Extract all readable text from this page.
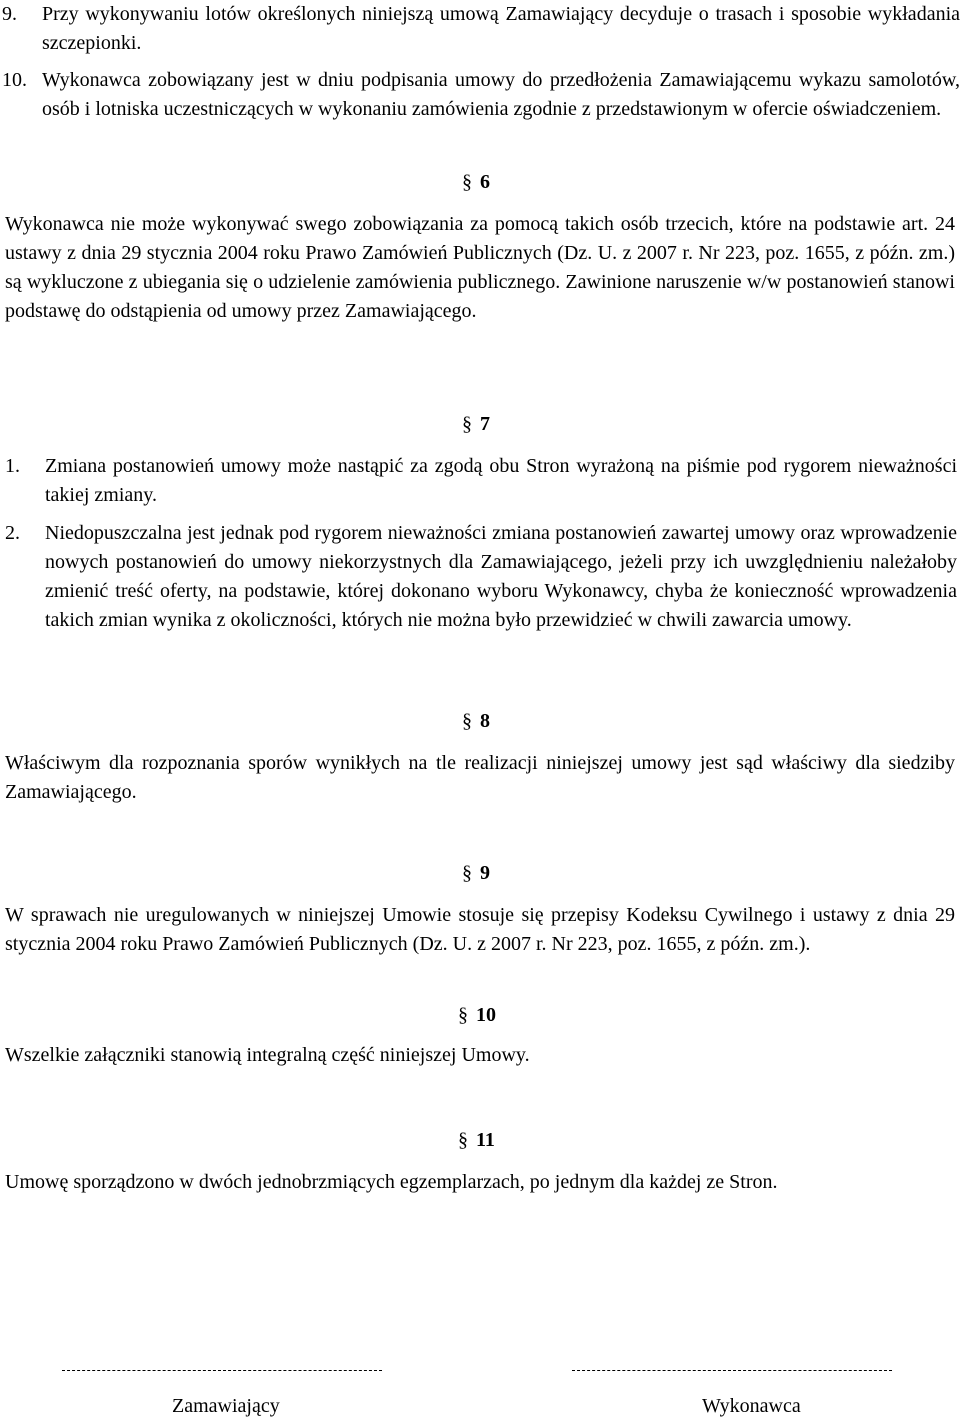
9. Przy wykonywaniu lotów określonych niniejszą umową Zamawiający decyduje o trasach i sposobie wykładania szczepionki.
10. Wykonawca zobowiązany jest w dniu podpisania umowy do przedłożenia Zamawiającemu wykazu samolotów, osób i lotniska uczestniczących w wykonaniu zamówienia zgodnie z przedstawionym w ofercie oświadczeniem.
§ 6
Wykonawca nie może wykonywać swego zobowiązania za pomocą takich osób trzecich, które na podstawie art. 24 ustawy z dnia 29 stycznia 2004 roku Prawo Zamówień Publicznych (Dz. U. z 2007 r. Nr 223, poz. 1655, z późn. zm.) są wykluczone z ubiegania się o udzielenie zamówienia publicznego. Zawinione naruszenie w/w postanowień stanowi podstawę do odstąpienia od umowy przez Zamawiającego.
§ 7
1. Zmiana postanowień umowy może nastąpić za zgodą obu Stron wyrażoną na piśmie pod rygorem nieważności takiej zmiany.
2. Niedopuszczalna jest jednak pod rygorem nieważności zmiana postanowień zawartej umowy oraz wprowadzenie nowych postanowień do umowy niekorzystnych dla Zamawiającego, jeżeli przy ich uwzględnieniu należałoby zmienić treść oferty, na podstawie, której dokonano wyboru Wykonawcy, chyba że konieczność wprowadzenia takich zmian wynika z okoliczności, których nie można było przewidzieć w chwili zawarcia umowy.
§ 8
Właściwym dla rozpoznania sporów wynikłych na tle realizacji niniejszej umowy jest sąd właściwy dla siedziby Zamawiającego.
§ 9
W sprawach nie uregulowanych w niniejszej Umowie stosuje się przepisy Kodeksu Cywilnego i ustawy z dnia 29 stycznia 2004 roku Prawo Zamówień Publicznych (Dz. U. z 2007 r. Nr 223, poz. 1655, z późn. zm.).
§ 10
Wszelkie załączniki stanowią integralną część niniejszej Umowy.
§ 11
Umowę sporządzono w dwóch jednobrzmiących egzemplarzach, po jednym dla każdej ze Stron.
Zamawiający	Wykonawca
